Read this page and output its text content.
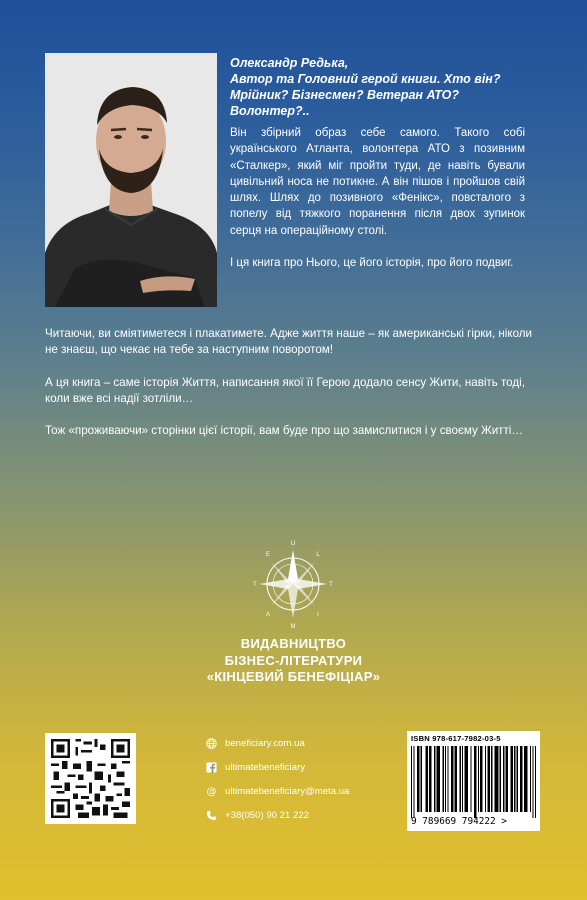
Олександр Редька,
Автор та Головний герой книги. Хто він?
Мрійник? Бізнесмен? Ветеран АТО?
Волонтер?..

Він збірний образ себе самого. Такого собі українського Атланта, волонтера АТО з позивним «Сталкер», який міг пройти туди, де навіть бували цивільний носа не потикне. А він пішов і пройшов свій шлях. Шлях до позивного «Фенікс», повсталого з попелу від тяжкого поранення після двох зупинок серця на операційному столі.

І ця книга про Нього, це його історія, про його подвиг.

Читаючи, ви сміятиметеся і плакатимете. Адже життя наше – як американські гірки, ніколи не знаєш, що чекає на тебе за наступним поворотом!

А ця книга – саме історія Життя, написання якої її Герою додало сенсу Жити, навіть тоді, коли вже всі надії зотліли…

Тож «проживаючи» сторінки цієї історії, вам буде про що замислитися і у своєму Житті…

U
L
T
I
M
A
T
E
ВИДАВНИЦТВО
БІЗНЕС-ЛІТЕРАТУРИ
«КІНЦЕВИЙ БЕНЕФІЦІАР»
beneficiary.com.ua
ultimatebeneficiary
@ ultimatebeneficiary@meta.ua
+38(050) 90 21 222
ISBN 978-617-7982-03-5
9 789669 794222 >
